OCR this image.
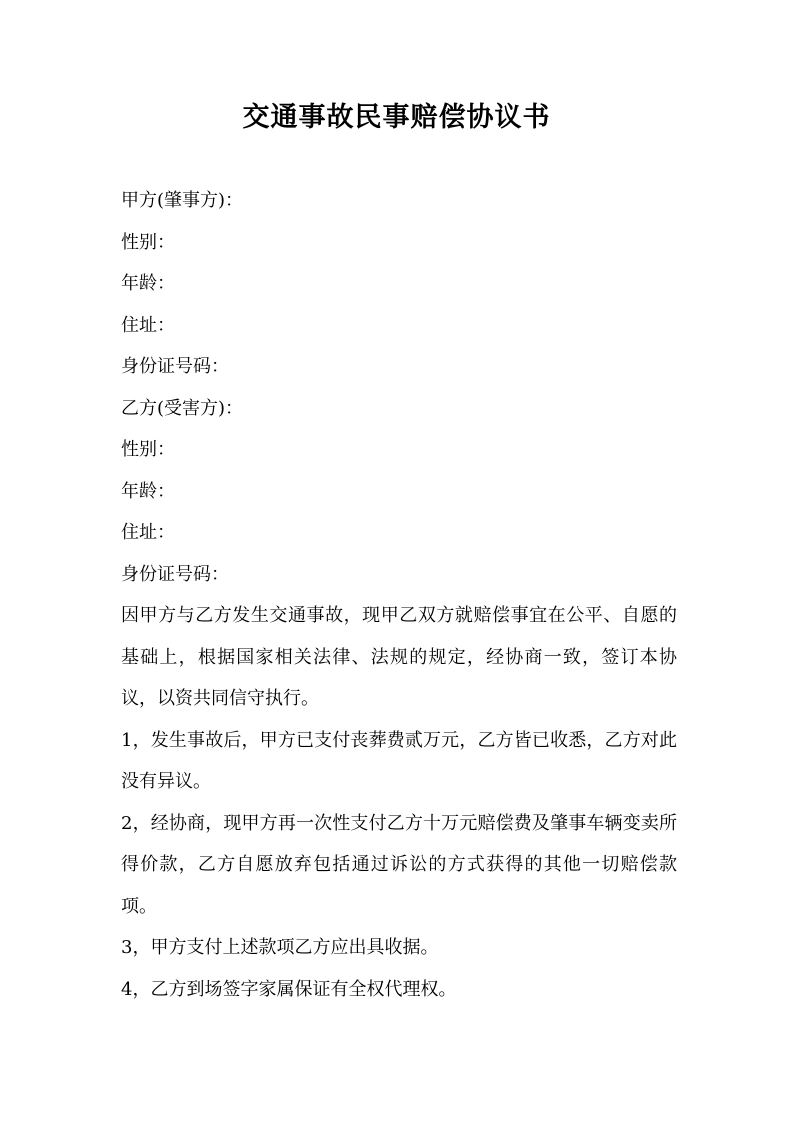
交通事故民事赔偿协议书
甲方(肇事方)：
性别：
年龄：
住址：
身份证号码：
乙方(受害方)：
性别：
年龄：
住址：
身份证号码：

因甲方与乙方发生交通事故，现甲乙双方就赔偿事宜在公平、自愿的基础上，根据国家相关法律、法规的规定，经协商一致，签订本协议，以资共同信守执行。

1，发生事故后，甲方已支付丧葬费贰万元，乙方皆已收悉，乙方对此没有异议。

2，经协商，现甲方再一次性支付乙方十万元赔偿费及肇事车辆变卖所得价款，乙方自愿放弃包括通过诉讼的方式获得的其他一切赔偿款项。

3，甲方支付上述款项乙方应出具收据。

4，乙方到场签字家属保证有全权代理权。
